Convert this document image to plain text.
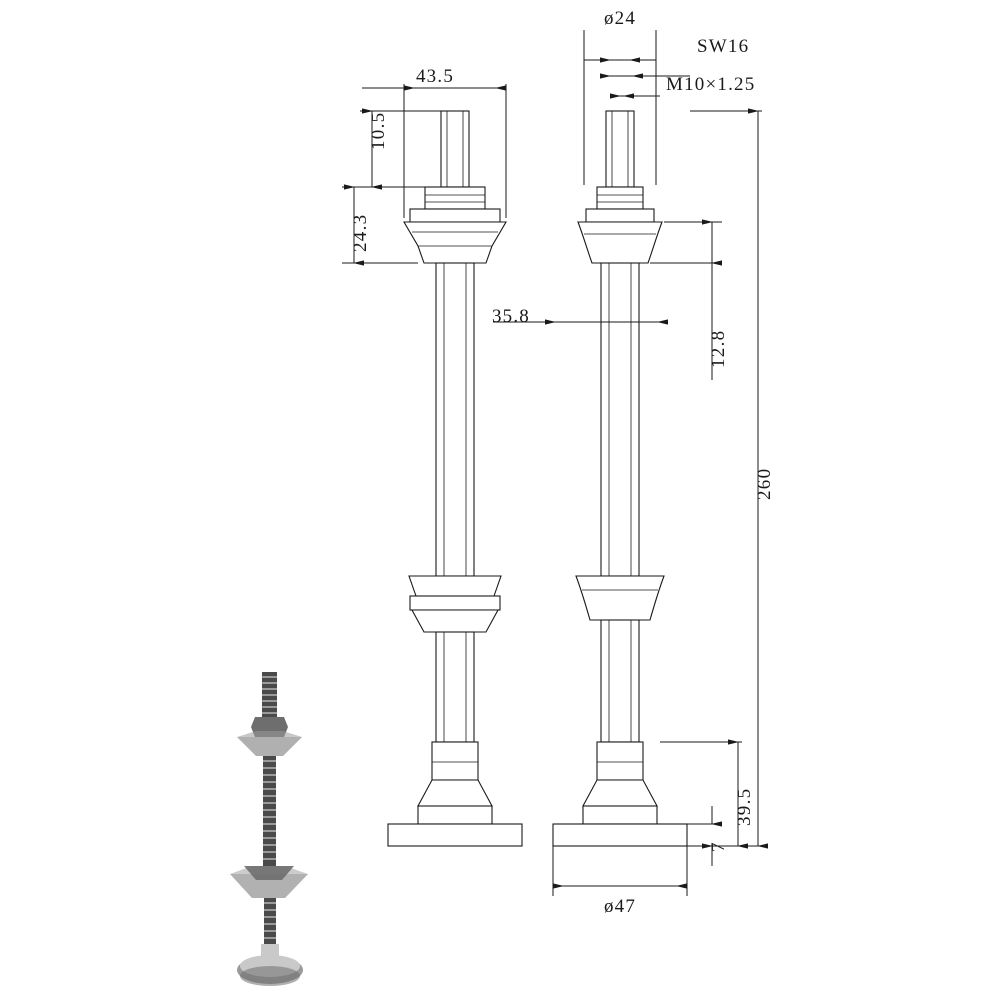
43.5
ø24
SW16
M10×1.25
35.8
ø47
10.5
24.3
12.8
260
39.5
7
